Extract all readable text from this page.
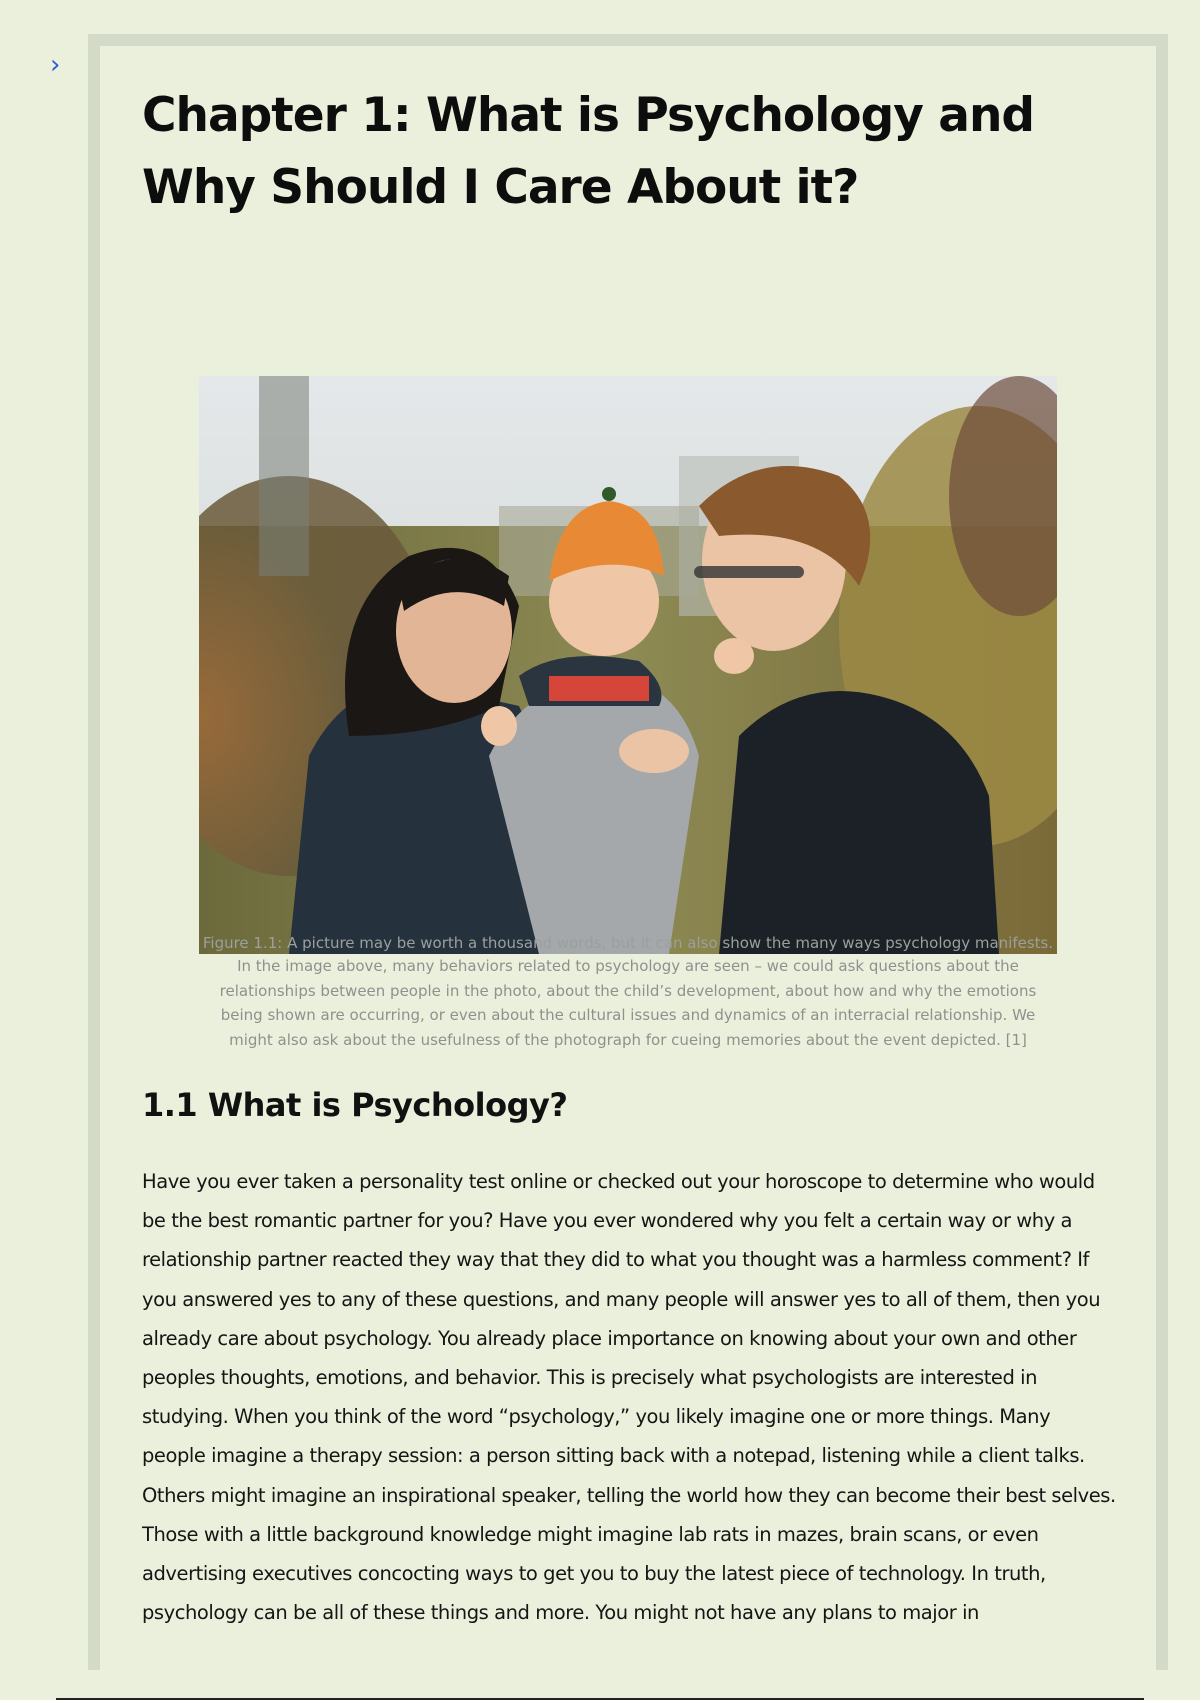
›
Chapter 1: What is Psychology and Why Should I Care About it?
Figure 1.1: A picture may be worth a thousand words, but it can also show the many ways psychology manifests.
In the image above, many behaviors related to psychology are seen – we could ask questions about the relationships between people in the photo, about the child’s development, about how and why the emotions being shown are occurring, or even about the cultural issues and dynamics of an interracial relationship. We might also ask about the usefulness of the photograph for cueing memories about the event depicted. [1]
1.1 What is Psychology?

Have you ever taken a personality test online or checked out your horoscope to determine who would be the best romantic partner for you? Have you ever wondered why you felt a certain way or why a relationship partner reacted they way that they did to what you thought was a harmless comment? If you answered yes to any of these questions, and many people will answer yes to all of them, then you already care about psychology. You already place importance on knowing about your own and other peoples thoughts, emotions, and behavior. This is precisely what psychologists are interested in studying. When you think of the word “psychology,” you likely imagine one or more things. Many people imagine a therapy session: a person sitting back with a notepad, listening while a client talks. Others might imagine an inspirational speaker, telling the world how they can become their best selves. Those with a little background knowledge might imagine lab rats in mazes, brain scans, or even advertising executives concocting ways to get you to buy the latest piece of technology. In truth, psychology can be all of these things and more. You might not have any plans to major in
